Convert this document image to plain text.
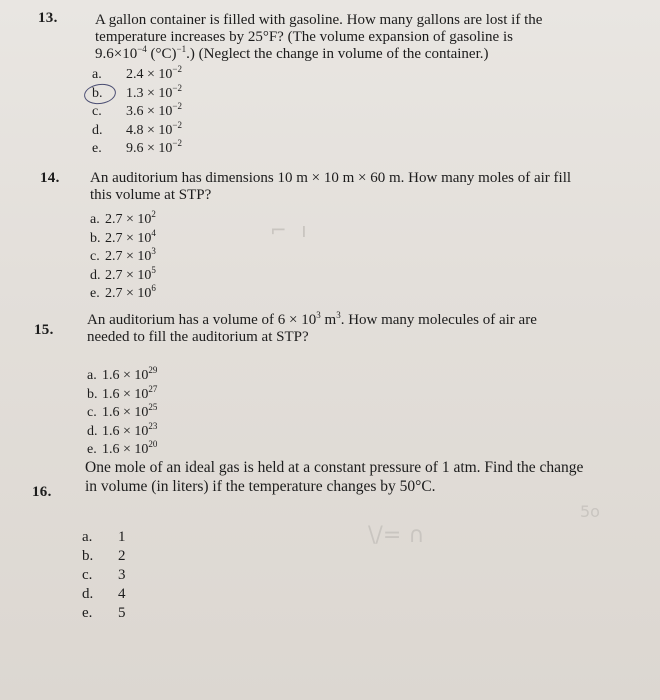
13. A gallon container is filled with gasoline. How many gallons are lost if the
temperature increases by 25°F? (The volume expansion of gasoline is
$9.6\times 10^{-4}$ $(^\circ C)^{-1}$.) (Neglect the change in volume of the container.)
a. $2.4 \times 10^{-2}$
b. $1.3 \times 10^{-2}$
c. $3.6 \times 10^{-2}$
d. $4.8 \times 10^{-2}$
e. $9.6 \times 10^{-2}$
14. An auditorium has dimensions 10 m × 10 m × 60 m. How many moles of air fill
this volume at STP?
a. $2.7 \times 10^2$
b. $2.7 \times 10^4$
c. $2.7 \times 10^3$
d. $2.7 \times 10^5$
e. $2.7 \times 10^6$
⌐ ı
15.
An auditorium has a volume of $6 \times 10^3$ $m^3$. How many molecules of air are
needed to fill the auditorium at STP?
a. $1.6 \times 10^{29}$
b. $1.6 \times 10^{27}$
c. $1.6 \times 10^{25}$
d. $1.6 \times 10^{23}$
e. $1.6 \times 10^{20}$
16.
One mole of an ideal gas is held at a constant pressure of 1 atm. Find the change
in volume (in liters) if the temperature changes by 50°C.
a. 1
b. 2
c. 3
d. 4
e. 5
\/= ∩
5ᴏ
